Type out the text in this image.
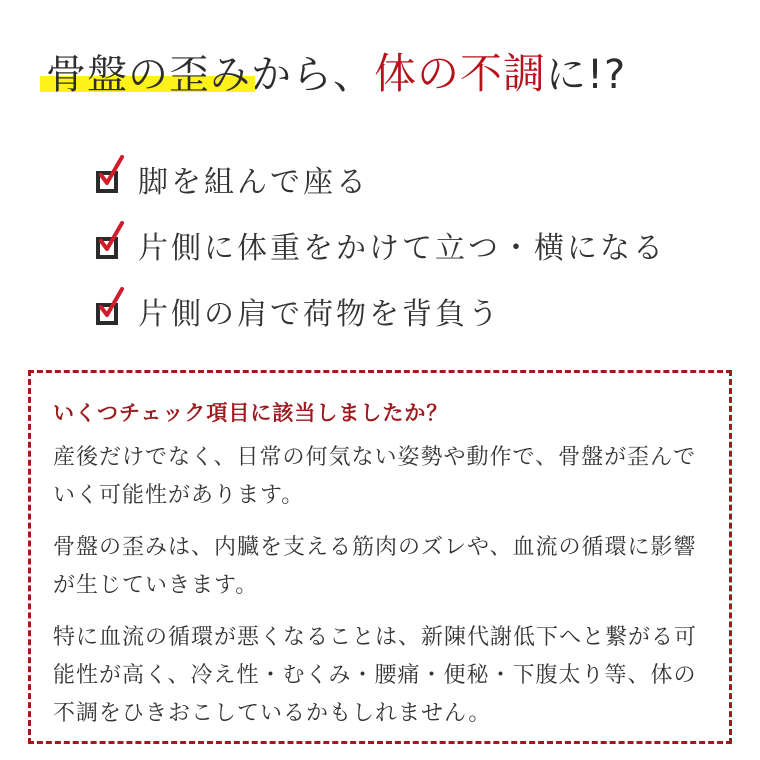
骨盤の歪みから、体の不調に!?
脚を組んで座る
片側に体重をかけて立つ・横になる
片側の肩で荷物を背負う
いくつチェック項目に該当しましたか？

産後だけでなく、日常の何気ない姿勢や動作で、骨盤が歪んでいく可能性があります。

骨盤の歪みは、内臓を支える筋肉のズレや、血流の循環に影響が生じていきます。

特に血流の循環が悪くなることは、新陳代謝低下へと繋がる可能性が高く、冷え性・むくみ・腰痛・便秘・下腹太り等、体の不調をひきおこしているかもしれません。
